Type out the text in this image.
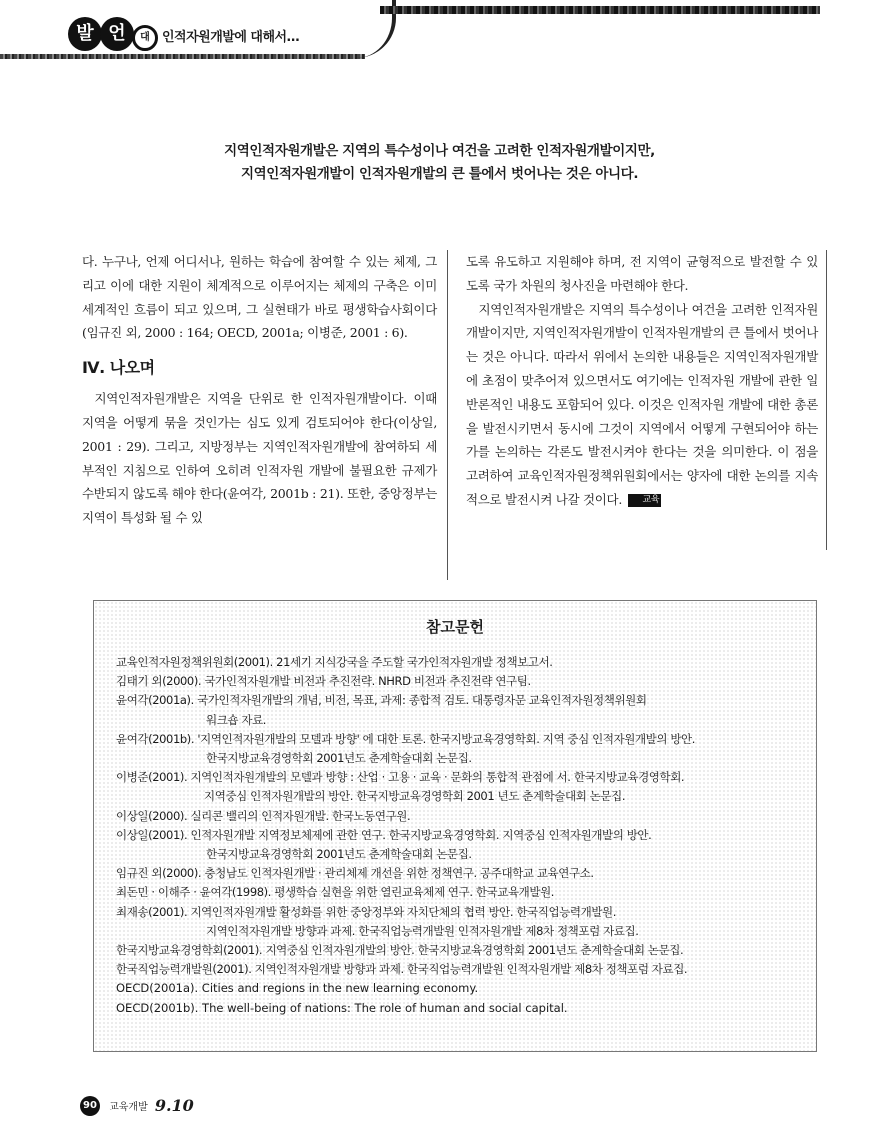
발 언	대 인적자원개발에 대해서…
지역인적자원개발은 지역의 특수성이나 여건을 고려한 인적자원개발이지만,
지역인적자원개발이 인적자원개발의 큰 틀에서 벗어나는 것은 아니다.

다. 누구나, 언제 어디서나, 원하는 학습에 참여할 수 있는 체제, 그리고 이에 대한 지원이 체계적으로 이루어지는 체제의 구축은 이미 세계적인 흐름이 되고 있으며, 그 실현태가 바로 평생학습사회이다(임규진 외, 2000 : 164; OECD, 2001a; 이병준, 2001 : 6).

Ⅳ. 나오며

지역인적자원개발은 지역을 단위로 한 인적자원개발이다. 이때 지역을 어떻게 묶을 것인가는 심도 있게 검토되어야 한다(이상일, 2001 : 29). 그리고, 지방정부는 지역인적자원개발에 참여하되 세부적인 지침으로 인하여 오히려 인적자원 개발에 불필요한 규제가 수반되지 않도록 해야 한다(윤여각, 2001b : 21). 또한, 중앙정부는 지역이 특성화 될 수 있

도록 유도하고 지원해야 하며, 전 지역이 균형적으로 발전할 수 있도록 국가 차원의 청사진을 마련해야 한다.

지역인적자원개발은 지역의 특수성이나 여건을 고려한 인적자원개발이지만, 지역인적자원개발이 인적자원개발의 큰 틀에서 벗어나는 것은 아니다. 따라서 위에서 논의한 내용들은 지역인적자원개발에 초점이 맞추어져 있으면서도 여기에는 인적자원 개발에 관한 일반론적인 내용도 포함되어 있다. 이것은 인적자원 개발에 대한 총론을 발전시키면서 동시에 그것이 지역에서 어떻게 구현되어야 하는가를 논의하는 각론도 발전시켜야 한다는 것을 의미한다. 이 점을 고려하여 교육인적자원정책위원회에서는 양자에 대한 논의를 지속적으로 발전시켜 나갈 것이다. 교육

참고문헌
교육인적자원정책위원회(2001). 21세기 지식강국을 주도할 국가인적자원개발 정책보고서.
김태기 외(2000). 국가인적자원개발 비전과 추진전략. NHRD 비전과 추진전략 연구팀.
윤여각(2001a). 국가인적자원개발의 개념, 비전, 목표, 과제: 종합적 검토. 대통령자문 교육인적자원정책위원회
워크숍 자료.
윤여각(2001b). '지역인적자원개발의 모델과 방향' 에 대한 토론. 한국지방교육경영학회. 지역 중심 인적자원개발의 방안.
한국지방교육경영학회 2001년도 춘계학술대회 논문집.
이병준(2001). 지역인적자원개발의 모델과 방향 : 산업 · 고용 · 교육 · 문화의 통합적 관점에 서. 한국지방교육경영학회.
지역중심 인적자원개발의 방안. 한국지방교육경영학회 2001 년도 춘계학술대회 논문집.
이상일(2000). 실리콘 밸리의 인적자원개발. 한국노동연구원.
이상일(2001). 인적자원개발 지역정보체제에 관한 연구. 한국지방교육경영학회. 지역중심 인적자원개발의 방안.
한국지방교육경영학회 2001년도 춘계학술대회 논문집.
임규진 외(2000). 충청남도 인적자원개발 · 관리체제 개선을 위한 정책연구. 공주대학교 교육연구소.
최돈민 · 이해주 · 윤여각(1998). 평생학습 실현을 위한 열린교육체제 연구. 한국교육개발원.
최재송(2001). 지역인적자원개발 활성화를 위한 중앙정부와 자치단체의 협력 방안. 한국직업능력개발원.
지역인적자원개발 방향과 과제. 한국직업능력개발원 인적자원개발 제8차 정책포럼 자료집.
한국지방교육경영학회(2001). 지역중심 인적자원개발의 방안. 한국지방교육경영학회 2001년도 춘계학술대회 논문집.
한국직업능력개발원(2001). 지역인적자원개발 방향과 과제. 한국직업능력개발원 인적자원개발 제8차 정책포럼 자료집.
OECD(2001a). Cities and regions in the new learning economy.
OECD(2001b). The well-being of nations: The role of human and social capital.
90 교육개발 9.10
